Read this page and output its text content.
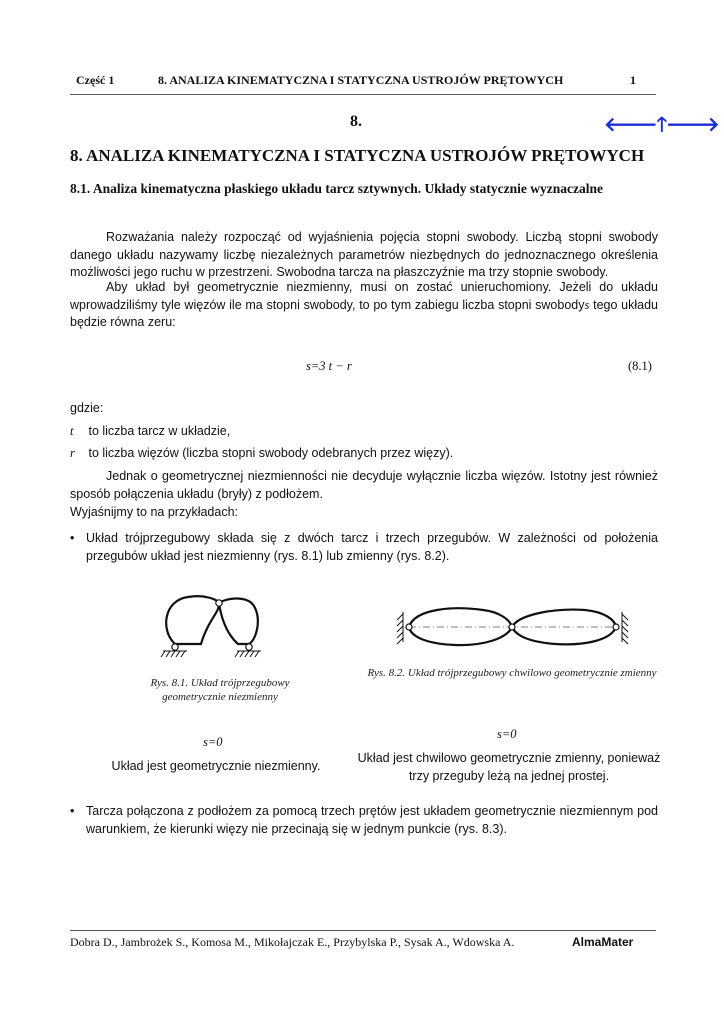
Część 1	8. ANALIZA KINEMATYCZNA I STATYCZNA USTROJÓW PRĘTOWYCH	1
8.	🡐🡑🡒
8. ANALIZA KINEMATYCZNA I STATYCZNA USTROJÓW PRĘTOWYCH
8.1. Analiza kinematyczna płaskiego układu tarcz sztywnych. Układy statycznie wyznaczalne
Rozważania należy rozpocząć od wyjaśnienia pojęcia stopni swobody. Liczbą stopni swobody danego układu nazywamy liczbę niezależnych parametrów niezbędnych do jednoznacznego określenia możliwości jego ruchu w przestrzeni. Swobodna tarcza na płaszczyźnie ma trzy stopnie swobody.
Aby układ był geometrycznie niezmienny, musi on zostać unieruchomiony. Jeżeli do układu wprowadziliśmy tyle więzów ile ma stopni swobody, to po tym zabiegu liczba stopni swobodys tego układu będzie równa zeru:
s=3 t − r	(8.1)
gdzie:
t to liczba tarcz w układzie,
r to liczba więzów (liczba stopni swobody odebranych przez więzy).
Jednak o geometrycznej niezmienności nie decyduje wyłącznie liczba więzów. Istotny jest również sposób połączenia układu (bryły) z podłożem.
Wyjaśnijmy to na przykładach:
• Układ trójprzegubowy składa się z dwóch tarcz i trzech przegubów. W zależności od położenia przegubów układ jest niezmienny (rys. 8.1) lub zmienny (rys. 8.2).
Rys. 8.1. Układ trójprzegubowy geometrycznie niezmienny
Rys. 8.2. Układ trójprzegubowy chwilowo geometrycznie zmienny
s=0
s=0
Układ jest geometrycznie niezmienny.
Układ jest chwilowo geometrycznie zmienny, ponieważ trzy przeguby leżą na jednej prostej.
• Tarcza połączona z podłożem za pomocą trzech prętów jest układem geometrycznie niezmiennym pod warunkiem, że kierunki więzy nie przecinają się w jednym punkcie (rys. 8.3).
Dobra D., Jambrożek S., Komosa M., Mikołajczak E., Przybylska P., Sysak A., Wdowska A.	AlmaMater
